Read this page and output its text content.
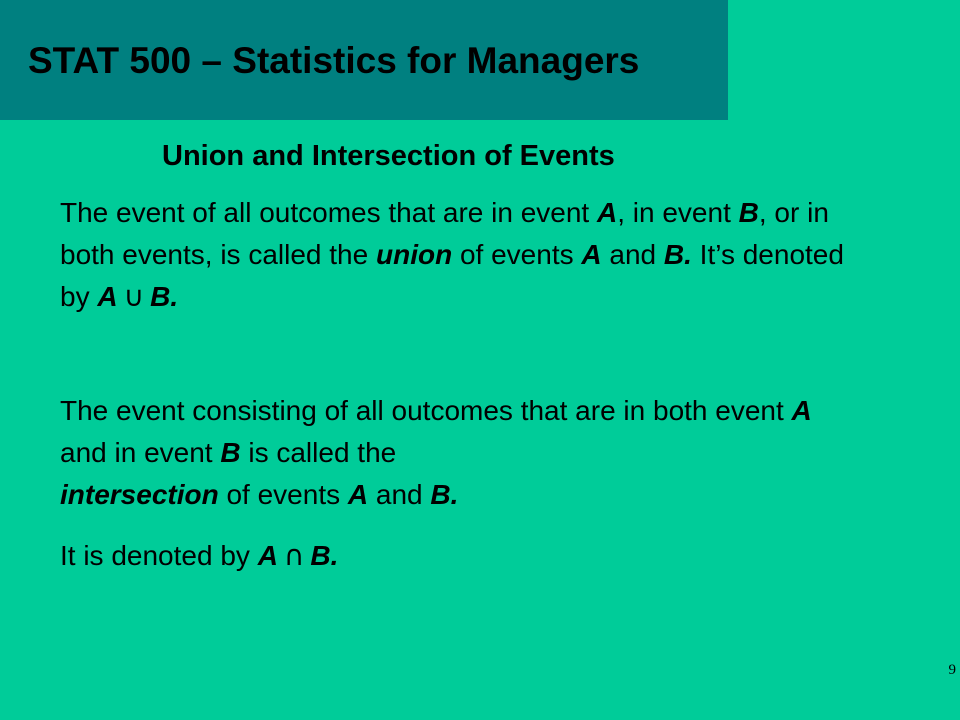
STAT 500 – Statistics for Managers
Union and Intersection of Events

The event of all outcomes that are in event A, in event B, or in both events, is called the union of events A and B. It’s denoted by A ∪ B.

The event consisting of all outcomes that are in both event A and in event B is called the
intersection of events A and B.

It is denoted by A ∩ B.

9
